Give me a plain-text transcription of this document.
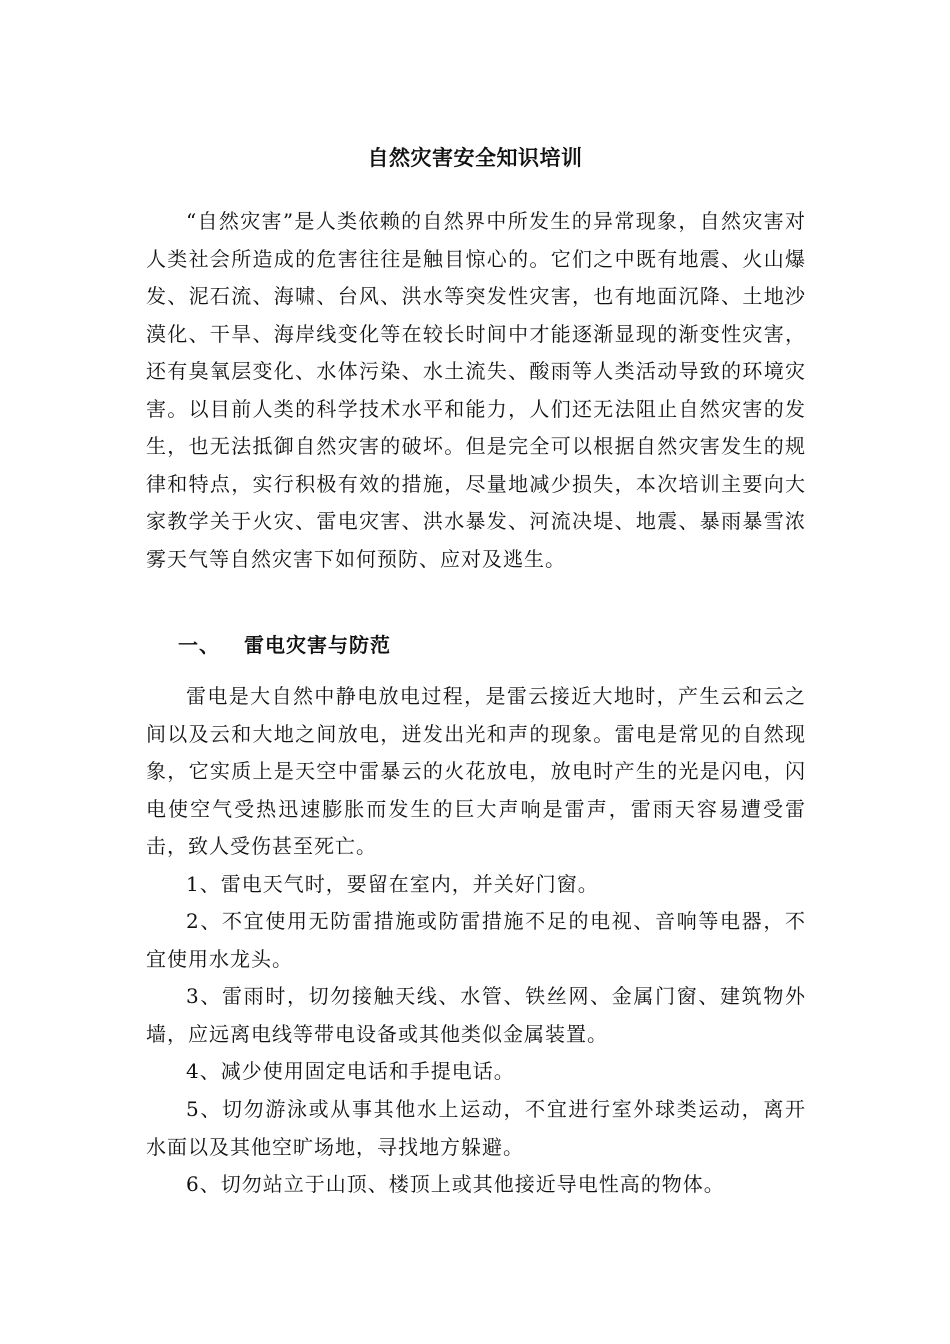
自然灾害安全知识培训

“自然灾害”是人类依赖的自然界中所发生的异常现象，自然灾害对人类社会所造成的危害往往是触目惊心的。它们之中既有地震、火山爆发、泥石流、海啸、台风、洪水等突发性灾害，也有地面沉降、土地沙漠化、干旱、海岸线变化等在较长时间中才能逐渐显现的渐变性灾害，还有臭氧层变化、水体污染、水土流失、酸雨等人类活动导致的环境灾害。以目前人类的科学技术水平和能力，人们还无法阻止自然灾害的发生，也无法抵御自然灾害的破坏。但是完全可以根据自然灾害发生的规律和特点，实行积极有效的措施，尽量地减少损失，本次培训主要向大家教学关于火灾、雷电灾害、洪水暴发、河流决堤、地震、暴雨暴雪浓雾天气等自然灾害下如何预防、应对及逃生。

一、 雷电灾害与防范

雷电是大自然中静电放电过程，是雷云接近大地时，产生云和云之间以及云和大地之间放电，迸发出光和声的现象。雷电是常见的自然现象，它实质上是天空中雷暴云的火花放电，放电时产生的光是闪电，闪电使空气受热迅速膨胀而发生的巨大声响是雷声，雷雨天容易遭受雷击，致人受伤甚至死亡。

1、雷电天气时，要留在室内，并关好门窗。

2、不宜使用无防雷措施或防雷措施不足的电视、音响等电器，不宜使用水龙头。

3、雷雨时，切勿接触天线、水管、铁丝网、金属门窗、建筑物外墙，应远离电线等带电设备或其他类似金属装置。

4、减少使用固定电话和手提电话。

5、切勿游泳或从事其他水上运动，不宜进行室外球类运动，离开水面以及其他空旷场地，寻找地方躲避。

6、切勿站立于山顶、楼顶上或其他接近导电性高的物体。
